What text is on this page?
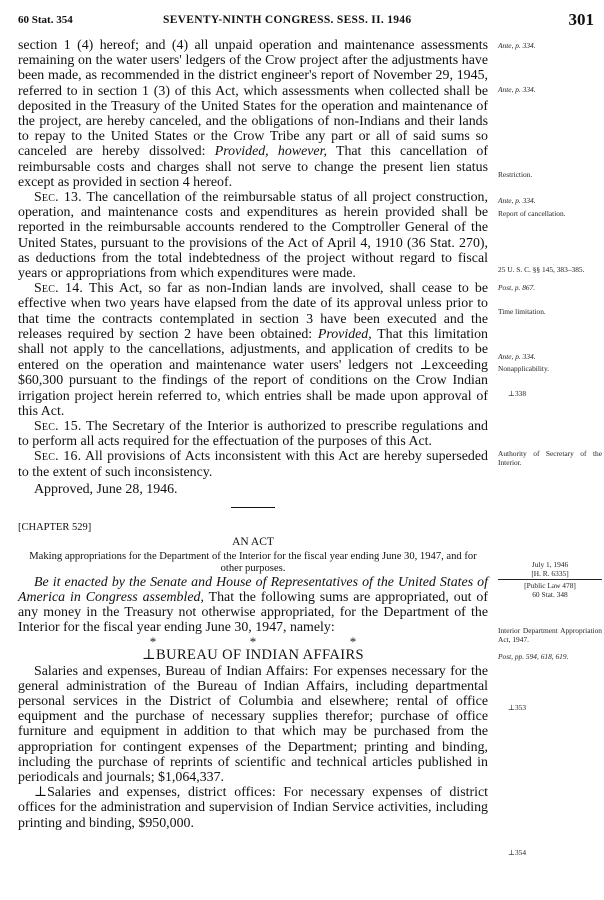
60 Stat. 354	SEVENTY-NINTH CONGRESS. SESS. II. 1946	301

section 1 (4) hereof; and (4) all unpaid operation and maintenance assessments remaining on the water users' ledgers of the Crow project after the adjustments have been made, as recommended in the district engineer's report of November 29, 1945, referred to in section 1 (3) of this Act, which assessments when collected shall be deposited in the Treasury of the United States for the operation and maintenance of the project, are hereby canceled, and the obligations of non-Indians and their lands to repay to the United States or the Crow Tribe any part or all of said sums so canceled are hereby dissolved: Provided, however, That this cancellation of reimbursable costs and charges shall not serve to change the present lien status except as provided in section 4 hereof.

Sec. 13. The cancellation of the reimbursable status of all project construction, operation, and maintenance costs and expenditures as herein provided shall be reported in the reimbursable accounts rendered to the Comptroller General of the United States, pursuant to the provisions of the Act of April 4, 1910 (36 Stat. 270), as deductions from the total indebtedness of the project without regard to fiscal years or appropriations from which expenditures were made.

Sec. 14. This Act, so far as non-Indian lands are involved, shall cease to be effective when two years have elapsed from the date of its approval unless prior to that time the contracts contemplated in section 3 have been executed and the releases required by section 2 have been obtained: Provided, That this limitation shall not apply to the cancellations, adjustments, and application of credits to be entered on the operation and maintenance water users' ledgers not ⊥exceeding $60,300 pursuant to the findings of the report of conditions on the Crow Indian irrigation project herein referred to, which entries shall be made upon approval of this Act.

Sec. 15. The Secretary of the Interior is authorized to prescribe regulations and to perform all acts required for the effectuation of the purposes of this Act.

Sec. 16. All provisions of Acts inconsistent with this Act are hereby superseded to the extent of such inconsistency.

Approved, June 28, 1946.

[CHAPTER 529]

AN ACT

Making appropriations for the Department of the Interior for the fiscal year ending June 30, 1947, and for other purposes.

Be it enacted by the Senate and House of Representatives of the United States of America in Congress assembled, That the following sums are appropriated, out of any money in the Treasury not otherwise appropriated, for the Department of the Interior for the fiscal year ending June 30, 1947, namely:

*	*	*

⊥BUREAU OF INDIAN AFFAIRS

Salaries and expenses, Bureau of Indian Affairs: For expenses necessary for the general administration of the Bureau of Indian Affairs, including departmental personal services in the District of Columbia and elsewhere; rental of office equipment and the purchase of necessary supplies therefor; purchase of office furniture and equipment in addition to that which may be purchased from the appropriation for contingent expenses of the Department; printing and binding, including the purchase of reprints of scientific and technical articles published in periodicals and journals; $1,064,337.

⊥Salaries and expenses, district offices: For necessary expenses of district offices for the administration and supervision of Indian Service activities, including printing and binding, $950,000.

Ante, p. 334.
Ante, p. 334.
Restriction.
Ante, p. 334.
Report of cancellation.
25 U. S. C. §§ 145, 383–385.
Post, p. 867.
Time limitation.
Ante, p. 334.
Nonapplicability.
⊥338
Authority of Secretary of the Interior.
July 1, 1946
[H. R. 6335]
[Public Law 478]
60 Stat. 348
Interior Department Appropriation Act, 1947.
Post, pp. 594, 618, 619.
⊥353
⊥354
